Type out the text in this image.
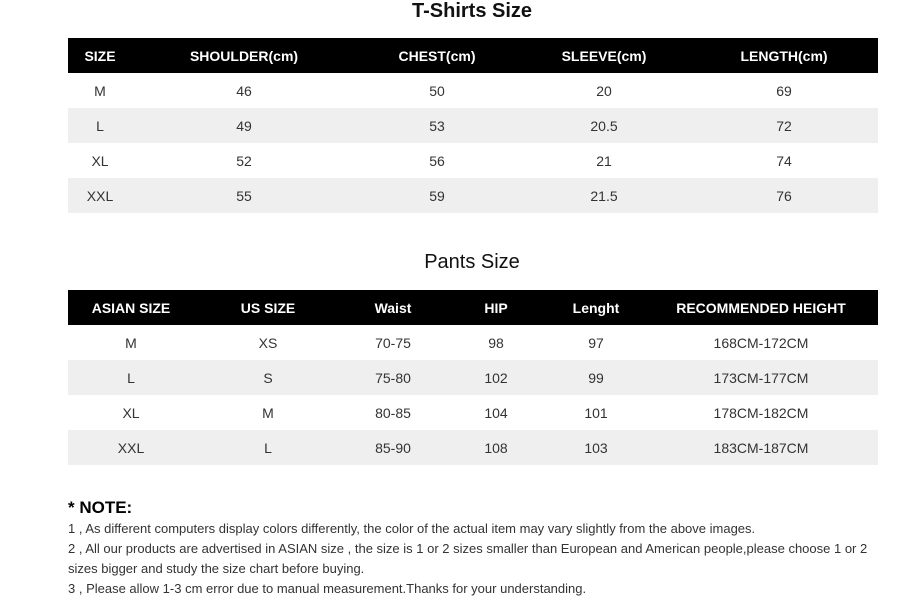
T-Shirts Size
SIZE	SHOULDER(cm)	CHEST(cm)	SLEEVE(cm)	LENGTH(cm)
M	46	50	20	69
L	49	53	20.5	72
XL	52	56	21	74
XXL	55	59	21.5	76
Pants Size
ASIAN SIZE	US SIZE	Waist	HIP	Lenght	RECOMMENDED HEIGHT
M	XS	70-75	98	97	168CM-172CM
L	S	75-80	102	99	173CM-177CM
XL	M	80-85	104	101	178CM-182CM
XXL	L	85-90	108	103	183CM-187CM
* NOTE:

1 , As different computers display colors differently, the color of the actual item may vary slightly from the above images.

2 , All our products are advertised in ASIAN size , the size is 1 or 2 sizes smaller than European and American people,please choose 1 or 2 sizes bigger and study the size chart before buying.

3 , Please allow 1-3 cm error due to manual measurement.Thanks for your understanding.
